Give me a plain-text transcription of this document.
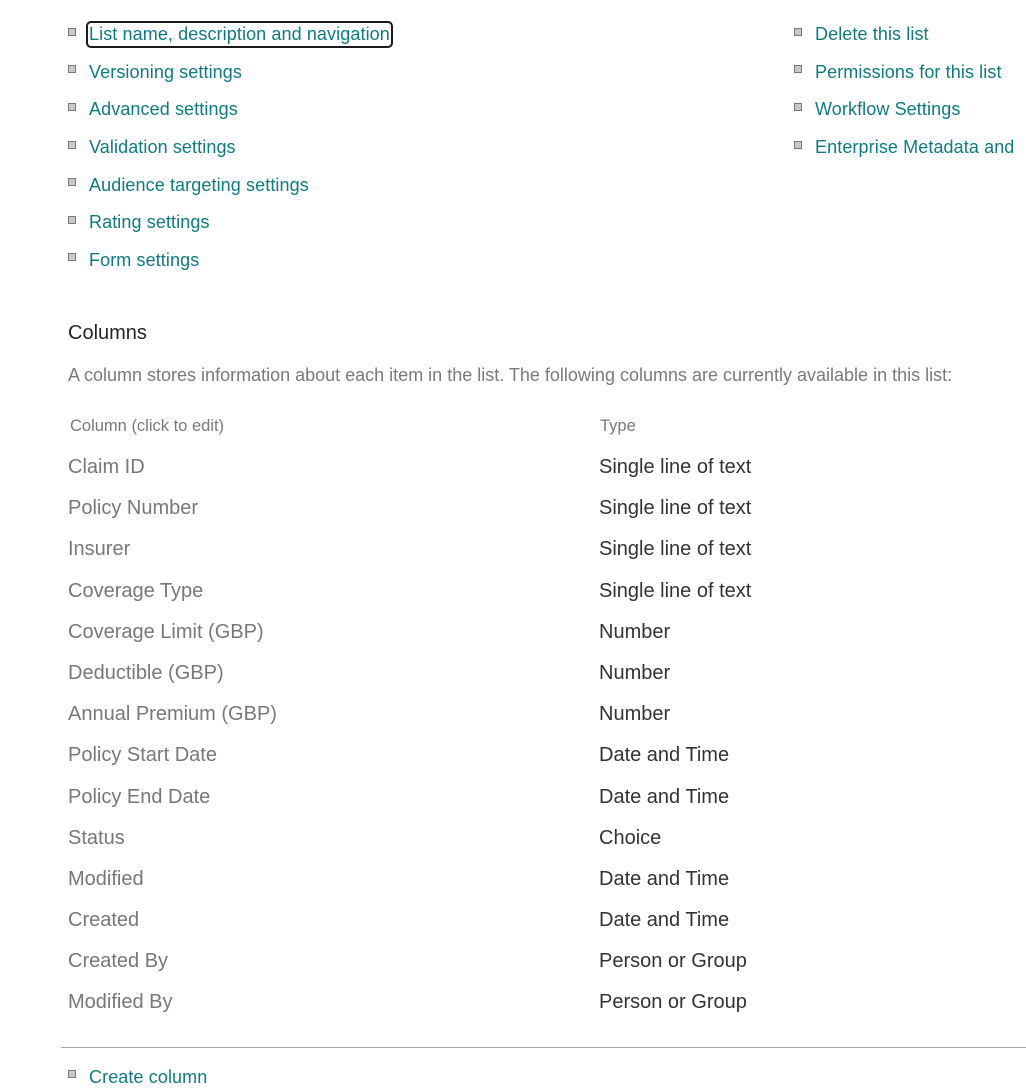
List name, description and navigation
Versioning settings
Advanced settings
Validation settings
Audience targeting settings
Rating settings
Form settings
Delete this list
Permissions for this list
Workflow Settings
Enterprise Metadata and
Columns
A column stores information about each item in the list. The following columns are currently available in this list:
Column (click to edit)	Type
Claim ID	Single line of text
Policy Number	Single line of text
Insurer	Single line of text
Coverage Type	Single line of text
Coverage Limit (GBP)	Number
Deductible (GBP)	Number
Annual Premium (GBP)	Number
Policy Start Date	Date and Time
Policy End Date	Date and Time
Status	Choice
Modified	Date and Time
Created	Date and Time
Created By	Person or Group
Modified By	Person or Group
Create column
